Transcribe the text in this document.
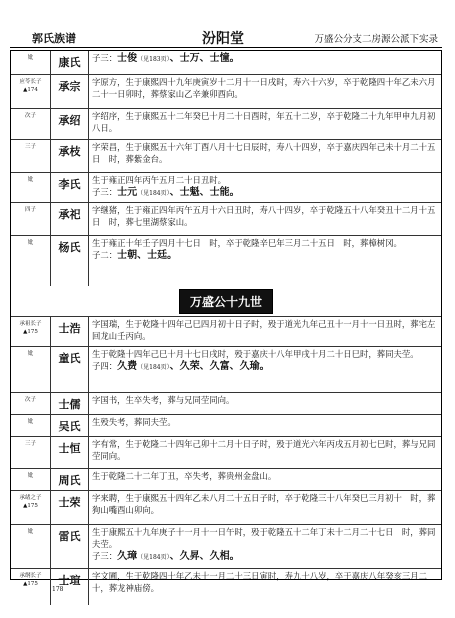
郭氏族谱	汾阳堂	万盛公分支二房源公派下实录
妣	康氏	子三：士俊（见183页）、士万、士憧。
应苓长子
▲174	承宗	字原方，生于康熙四十九年庚寅岁十二月十一日戌时，寿六十六岁，卒于乾隆四十年乙未六月二十一日卯时，葬蔡家山乙辛兼卯酉向。
次子	承绍	字绍序，生于康熙五十二年癸巳十月二十日酉时，年五十二岁，卒于乾隆二十九年甲申九月初八日。
三子	承枝	字荣昌，生于康熙五十六年丁酉八月十七日辰时，寿八十四岁，卒于嘉庆四年己未十月二十五日　时，葬紫金台。
妣	李氏	生于雍正四年丙午五月二十日丑时。
子三：士元（见184页）、士魁、士能。
四子	承祀	字继猪，生于雍正四年丙午五月十六日丑时，寿八十四岁，卒于乾隆五十八年癸丑十二月十五日　时，葬七里湖蔡家山。
妣	杨氏	生于雍正十年壬子四月十七日　时，卒于乾隆辛巳年三月二十五日　时，葬樟树冈。
子二：士朝、士廷。
万盛公十九世
承祖长子
▲175	士浩	字国瑞，生于乾隆十四年己巳四月初十日子时，殁于道光九年己丑十一月十一日丑时，葬宅左回龙山壬丙向。
妣	童氏	生于乾隆十四年己巳十月十七日戌时，殁于嘉庆十八年甲戌十月二十日巳时，葬同夫茔。
子四：久费（见184页）、久荣、久富、久瑜。
次子	士儒	字国书，生卒失考，葬与兄同茔同向。
妣	吴氏	生殁失考，葬同夫茔。
三子	士恒	字有常，生于乾隆二十四年己卯十二月十日子时，殁于道光六年丙戌五月初七巳时，葬与兄同茔同向。
妣	周氏	生于乾隆二十二年丁丑，卒失考，葬贵州金盘山。
承绪之子
▲175	士荣	字来聘，生于康熙五十四年乙未八月二十五日子时，卒于乾隆三十八年癸巳三月初十　时，葬狗山嘴酉山卯向。
妣	雷氏	生于康熙五十九年庚子十一月十一日午时，殁于乾隆五十二年丁未十二月二十七日　时，葬同夫茔。
子三：久璋（见184页）、久昇、久相。
承纲长子
▲175	士瑄	字文圃，生于乾隆四十年乙未十一月二十三日寅时，寿九十八岁，卒于嘉庆八年癸亥三月二十，葬龙神庙傍。
178
